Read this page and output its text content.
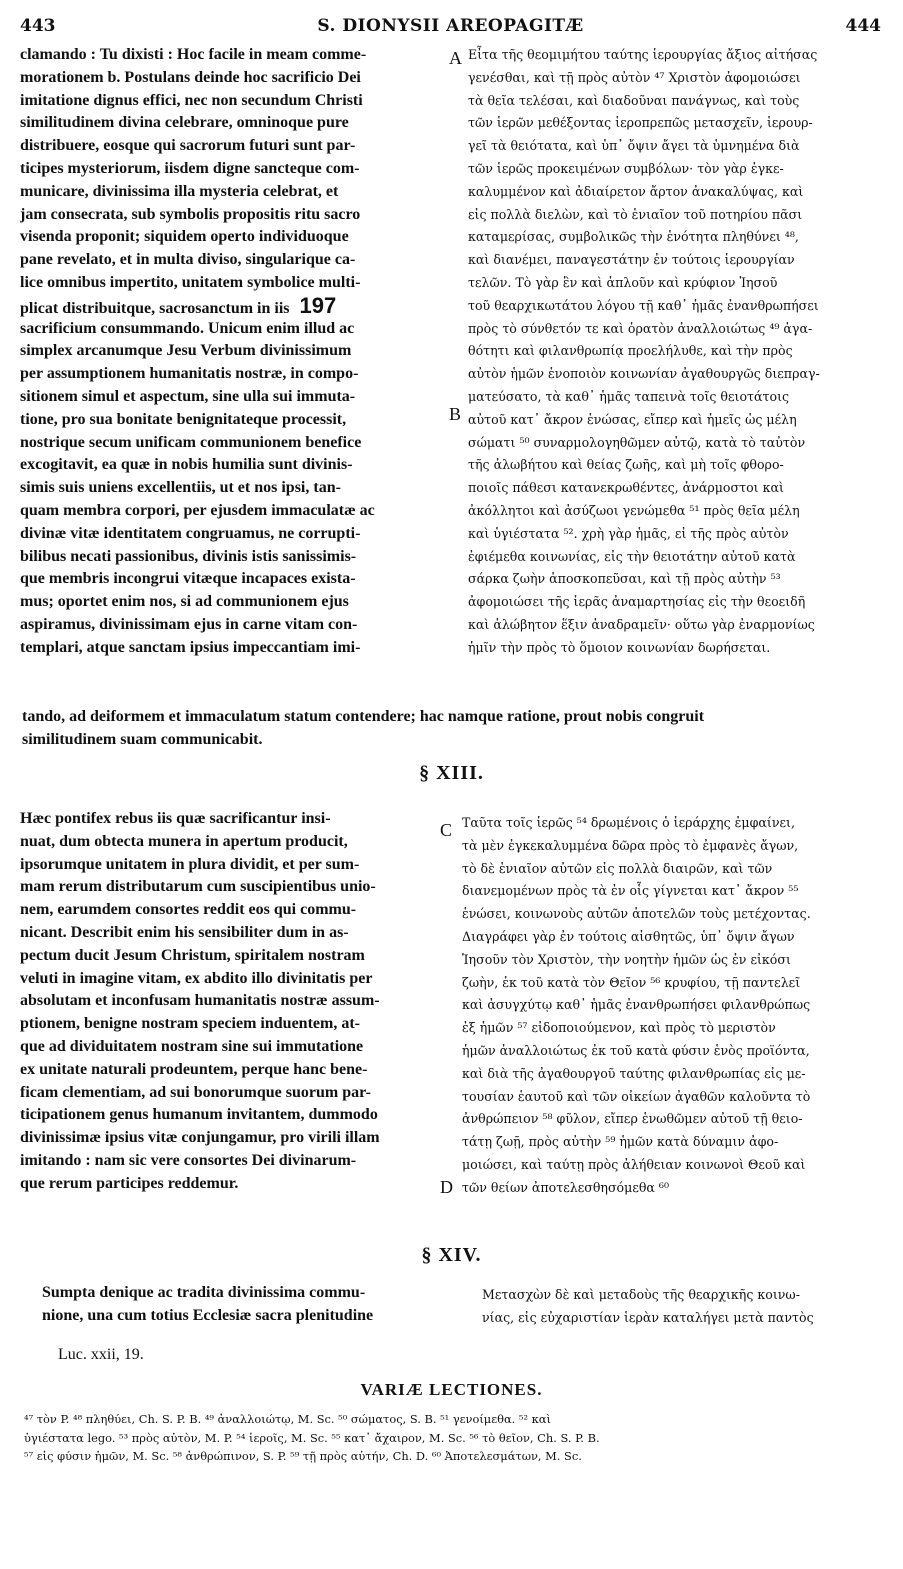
443	S. DIONYSII AREOPAGITÆ	444
clamando : Tu dixisti : Hoc facile in meam comme-
morationem b. Postulans deinde hoc sacrificio Dei
imitatione dignus effici, nec non secundum Christi
similitudinem divina celebrare, omninoque pure
distribuere, eosque qui sacrorum futuri sunt par-
ticipes mysteriorum, iisdem digne sancteque com-
municare, divinissima illa mysteria celebrat, et
jam consecrata, sub symbolis propositis ritu sacro
visenda proponit; siquidem operto individuoque
pane revelato, et in multa diviso, singularique ca-
lice omnibus impertito, unitatem symbolice multi-
plicat distribuitque, sacrosanctum in iis 197
sacrificium consummando. Unicum enim illud ac
simplex arcanumque Jesu Verbum divinissimum
per assumptionem humanitatis nostræ, in compo-
sitionem simul et aspectum, sine ulla sui immuta-
tione, pro sua bonitate benignitateque processit,
nostrique secum unificam communionem benefice
excogitavit, ea quæ in nobis humilia sunt divinis-
simis suis uniens excellentiis, ut et nos ipsi, tan-
quam membra corpori, per ejusdem immaculatæ ac
divinæ vitæ identitatem congruamus, ne corrupti-
bilibus necati passionibus, divinis istis sanissimis-
que membris incongrui vitæque incapaces exista-
mus; oportet enim nos, si ad communionem ejus
aspiramus, divinissimam ejus in carne vitam con-
templari, atque sanctam ipsius impeccantiam imi-
Εἶτα τῆς θεομιμήτου ταύτης ἱερουργίας ἄξιος αἰτήσας
γενέσθαι, καὶ τῇ πρὸς αὐτὸν ⁴⁷ Χριστὸν ἀφομοιώσει
τὰ θεῖα τελέσαι, καὶ διαδοῦναι πανάγνως, καὶ τοὺς
τῶν ἱερῶν μεθέξοντας ἱεροπρεπῶς μετασχεῖν, ἱερουρ-
γεῖ τὰ θειότατα, καὶ ὑπ᾽ ὄψιν ἄγει τὰ ὑμνημένα διὰ
τῶν ἱερῶς προκειμένων συμβόλων· τὸν γὰρ ἐγκε-
καλυμμένον καὶ ἀδιαίρετον ἄρτον ἀνακαλύψας, καὶ
εἰς πολλὰ διελὼν, καὶ τὸ ἑνιαῖον τοῦ ποτηρίου πᾶσι
καταμερίσας, συμβολικῶς τὴν ἑνότητα πληθύνει ⁴⁸,
καὶ διανέμει, παναγεστάτην ἐν τούτοις ἱερουργίαν
τελῶν. Τὸ γὰρ ἓν καὶ ἁπλοῦν καὶ κρύφιον Ἰησοῦ
τοῦ θεαρχικωτάτου λόγου τῇ καθ᾽ ἡμᾶς ἐνανθρωπήσει
πρὸς τὸ σύνθετόν τε καὶ ὁρατὸν ἀναλλοιώτως ⁴⁹ ἀγα-
θότητι καὶ φιλανθρωπίᾳ προελήλυθε, καὶ τὴν πρὸς
αὐτὸν ἡμῶν ἑνοποιὸν κοινωνίαν ἀγαθουργῶς διεπραγ-
ματεύσατο, τὰ καθ᾽ ἡμᾶς ταπεινὰ τοῖς θειοτάτοις
αὐτοῦ κατ᾽ ἄκρον ἑνώσας, εἴπερ καὶ ἡμεῖς ὡς μέλη
σώματι ⁵⁰ συναρμολογηθῶμεν αὐτῷ, κατὰ τὸ ταὐτὸν
τῆς ἀλωβήτου καὶ θείας ζωῆς, καὶ μὴ τοῖς φθορο-
ποιοῖς πάθεσι κατανεκρωθέντες, ἀνάρμοστοι καὶ
ἀκόλλητοι καὶ ἀσύζωοι γενώμεθα ⁵¹ πρὸς θεῖα μέλη
καὶ ὑγιέστατα ⁵². χρὴ γὰρ ἡμᾶς, εἰ τῆς πρὸς αὐτὸν
ἐφιέμεθα κοινωνίας, εἰς τὴν θειοτάτην αὐτοῦ κατὰ
σάρκα ζωὴν ἀποσκοπεῦσαι, καὶ τῇ πρὸς αὐτὴν ⁵³
ἀφομοιώσει τῆς ἱερᾶς ἀναμαρτησίας εἰς τὴν θεοειδῆ
καὶ ἀλώβητον ἕξιν ἀναδραμεῖν· οὕτω γὰρ ἐναρμονίως
ἡμῖν τὴν πρὸς τὸ ὅμοιον κοινωνίαν δωρήσεται.
A
B
C
D
tando, ad deiformem et immaculatum statum contendere; hac namque ratione, prout nobis congruit
similitudinem suam communicabit.
§ XIII.
Hæc pontifex rebus iis quæ sacrificantur insi-
nuat, dum obtecta munera in apertum producit,
ipsorumque unitatem in plura dividit, et per sum-
mam rerum distributarum cum suscipientibus unio-
nem, earumdem consortes reddit eos qui commu-
nicant. Describit enim his sensibiliter dum in as-
pectum ducit Jesum Christum, spiritalem nostram
veluti in imagine vitam, ex abdito illo divinitatis per
absolutam et inconfusam humanitatis nostræ assum-
ptionem, benigne nostram speciem induentem, at-
que ad dividuitatem nostram sine sui immutatione
ex unitate naturali prodeuntem, perque hanc bene-
ficam clementiam, ad sui bonorumque suorum par-
ticipationem genus humanum invitantem, dummodo
divinissimæ ipsius vitæ conjungamur, pro virili illam
imitando : nam sic vere consortes Dei divinarum-
que rerum participes reddemur.
Ταῦτα τοῖς ἱερῶς ⁵⁴ δρωμένοις ὁ ἱεράρχης ἐμφαίνει,
τὰ μὲν ἐγκεκαλυμμένα δῶρα πρὸς τὸ ἐμφανὲς ἄγων,
τὸ δὲ ἑνιαῖον αὐτῶν εἰς πολλὰ διαιρῶν, καὶ τῶν
διανεμομένων πρὸς τὰ ἐν οἷς γίγνεται κατ᾽ ἄκρον ⁵⁵
ἑνώσει, κοινωνοὺς αὐτῶν ἀποτελῶν τοὺς μετέχοντας.
Διαγράφει γὰρ ἐν τούτοις αἰσθητῶς, ὑπ᾽ ὄψιν ἄγων
Ἰησοῦν τὸν Χριστὸν, τὴν νοητὴν ἡμῶν ὡς ἐν εἰκόσι
ζωὴν, ἐκ τοῦ κατὰ τὸν Θεῖον ⁵⁶ κρυφίου, τῇ παντελεῖ
καὶ ἀσυγχύτῳ καθ᾽ ἡμᾶς ἐνανθρωπήσει φιλανθρώπως
ἐξ ἡμῶν ⁵⁷ εἰδοποιούμενον, καὶ πρὸς τὸ μεριστὸν
ἡμῶν ἀναλλοιώτως ἐκ τοῦ κατὰ φύσιν ἑνὸς προϊόντα,
καὶ διὰ τῆς ἀγαθουργοῦ ταύτης φιλανθρωπίας εἰς με-
τουσίαν ἑαυτοῦ καὶ τῶν οἰκείων ἀγαθῶν καλοῦντα τὸ
ἀνθρώπειον ⁵⁸ φῦλον, εἴπερ ἑνωθῶμεν αὐτοῦ τῇ θειο-
τάτῃ ζωῇ, πρὸς αὐτὴν ⁵⁹ ἡμῶν κατὰ δύναμιν ἀφο-
μοιώσει, καὶ ταύτῃ πρὸς ἀλήθειαν κοινωνοὶ Θεοῦ καὶ
τῶν θείων ἀποτελεσθησόμεθα ⁶⁰
§ XIV.
Sumpta denique ac tradita divinissima commu-
nione, una cum totius Ecclesiæ sacra plenitudine
Μετασχὼν δὲ καὶ μεταδοὺς τῆς θεαρχικῆς κοινω-
νίας, εἰς εὐχαριστίαν ἱερὰν καταλήγει μετὰ παντὸς
Luc. xxii, 19.
VARIÆ LECTIONES.
⁴⁷ τὸν P. ⁴⁸ πληθύει, Ch. S. P. B. ⁴⁹ ἀναλλοιώτῳ, M. Sc. ⁵⁰ σώματος, S. B. ⁵¹ γενοίμεθα. ⁵² καὶ
ὑγιέστατα lego. ⁵³ πρὸς αὐτὸν, M. P. ⁵⁴ ἱεροῖς, M. Sc. ⁵⁵ κατ᾽ ἄχαιρον, M. Sc. ⁵⁶ τὸ θεῖον, Ch. S. P. B.
⁵⁷ εἰς φύσιν ἡμῶν, M. Sc. ⁵⁸ ἀνθρώπινον, S. P. ⁵⁹ τῇ πρὸς αὐτήν, Ch. D. ⁶⁰ Ἀποτελεσμάτων, M. Sc.
